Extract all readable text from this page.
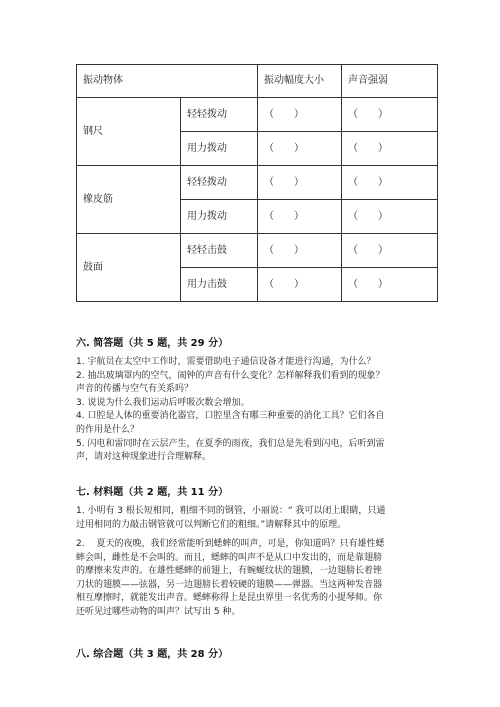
振动物体		振动幅度大小	声音强弱
钢尺	轻轻拨动	（　　）	（　　）
	用力拨动	（　　）	（　　）
橡皮筋	轻轻拨动	（　　）	（　　）
	用力拨动	（　　）	（　　）
鼓面	轻轻击鼓	（　　）	（　　）
	用力击鼓	（　　）	（　　）
六. 简答题（共 5 题，共 29 分）
1. 宇航员在太空中工作时，需要借助电子通信设备才能进行沟通，为什么？
2. 抽出玻璃罩内的空气，闹钟的声音有什么变化？怎样解释我们看到的现象？
声音的传播与空气有关系吗？
3. 说说为什么我们运动后呼吸次数会增加。
4. 口腔是人体的重要消化器官，口腔里含有哪三种重要的消化工具？它们各自
的作用是什么？
5. 闪电和雷同时在云层产生，在夏季的雨夜，我们总是先看到闪电，后听到雷
声，请对这种现象进行合理解释。
七. 材料题（共 2 题，共 11 分）
1. 小明有 3 根长短相同，粗细不同的钢管，小丽说：“ 我可以闭上眼睛，只通
过用相同的力敲击钢管就可以判断它们的粗细。”请解释其中的原理。
2.　 夏天的夜晚，我们经常能听到蟋蟀的叫声，可是，你知道吗？只有雄性蟋
蟀会叫，雌性是不会叫的。而且，蟋蟀的叫声不是从口中发出的，而是靠翅膀
的摩擦来发声的。在雄性蟋蟀的前翅上，有蜿蜒纹状的翅膜，一边翅膀长着锉
刀状的翅膜——弦器，另一边翅膀长着较硬的翅膜——弹器。当这两种发音器
相互摩擦时，就能发出声音。蟋蟀称得上是昆虫界里一名优秀的小提琴师。你
还听见过哪些动物的叫声？试写出 5 种。
八. 综合题（共 3 题，共 28 分）
